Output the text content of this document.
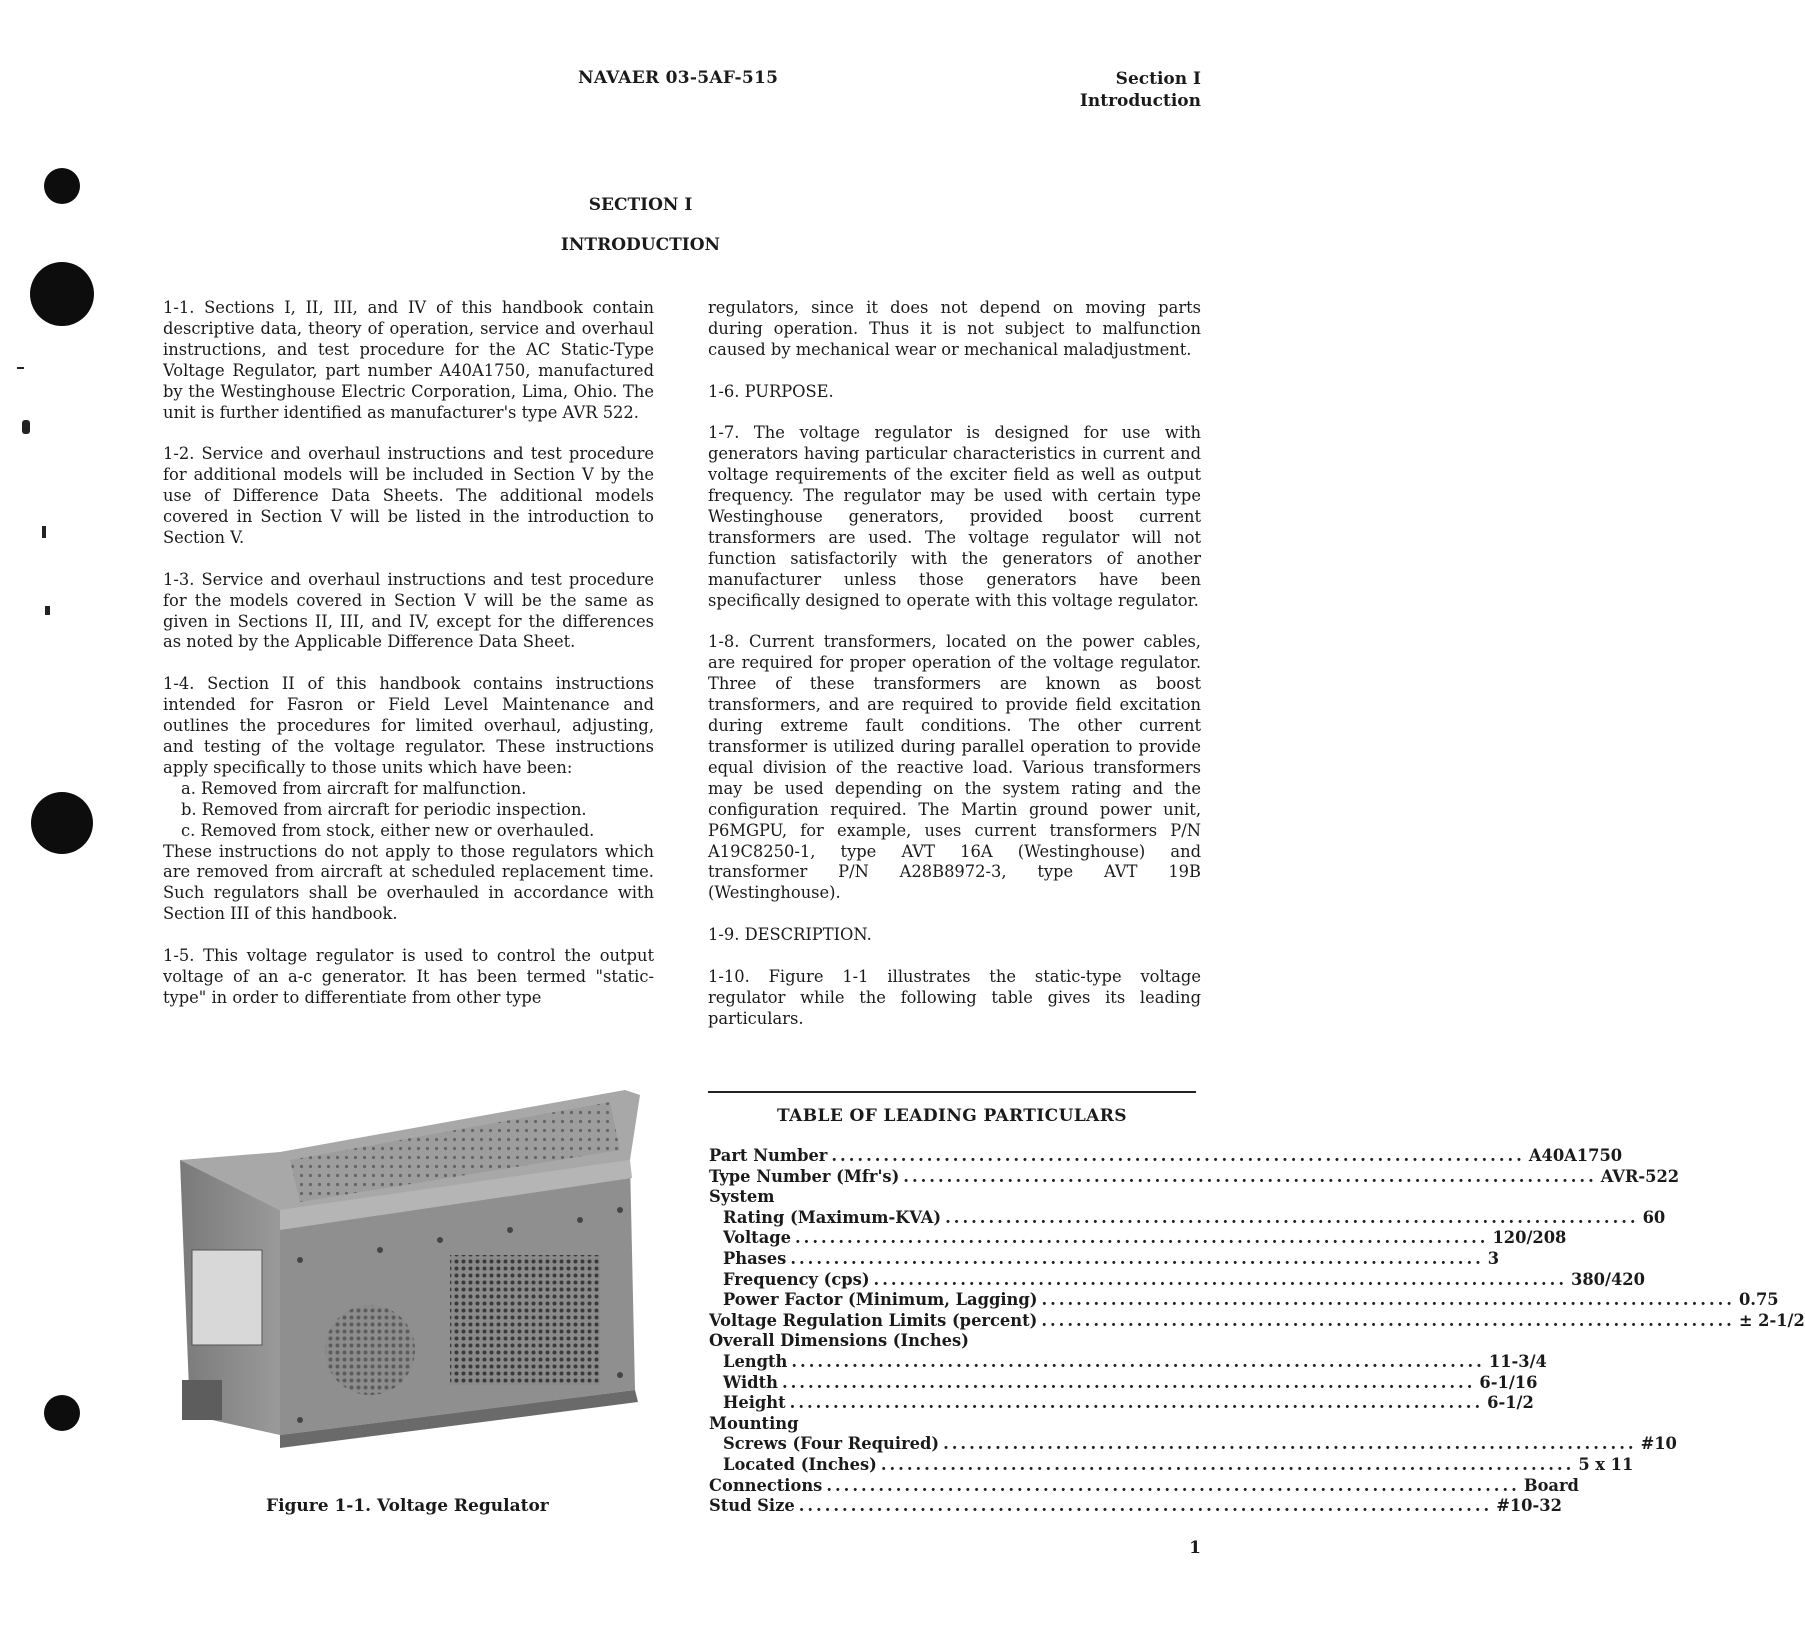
NAVAER 03-5AF-515	Section I
Introduction
SECTION I
INTRODUCTION

1-1. Sections I, II, III, and IV of this handbook contain descriptive data, theory of operation, service and overhaul instructions, and test procedure for the AC Static-Type Voltage Regulator, part number A40A1750, manufactured by the Westinghouse Electric Corporation, Lima, Ohio. The unit is further identified as manufacturer's type AVR 522.

1-2. Service and overhaul instructions and test procedure for additional models will be included in Section V by the use of Difference Data Sheets. The additional models covered in Section V will be listed in the introduction to Section V.

1-3. Service and overhaul instructions and test procedure for the models covered in Section V will be the same as given in Sections II, III, and IV, except for the differences as noted by the Applicable Difference Data Sheet.

1-4. Section II of this handbook contains instructions intended for Fasron or Field Level Maintenance and outlines the procedures for limited overhaul, adjusting, and testing of the voltage regulator. These instructions apply specifically to those units which have been:

a. Removed from aircraft for malfunction.

b. Removed from aircraft for periodic inspection.

c. Removed from stock, either new or overhauled.

These instructions do not apply to those regulators which are removed from aircraft at scheduled replacement time. Such regulators shall be overhauled in accordance with Section III of this handbook.

1-5. This voltage regulator is used to control the output voltage of an a-c generator. It has been termed "static-type" in order to differentiate from other type

regulators, since it does not depend on moving parts during operation. Thus it is not subject to malfunction caused by mechanical wear or mechanical maladjustment.

1-6. PURPOSE.

1-7. The voltage regulator is designed for use with generators having particular characteristics in current and voltage requirements of the exciter field as well as output frequency. The regulator may be used with certain type Westinghouse generators, provided boost current transformers are used. The voltage regulator will not function satisfactorily with the generators of another manufacturer unless those generators have been specifically designed to operate with this voltage regulator.

1-8. Current transformers, located on the power cables, are required for proper operation of the voltage regulator. Three of these transformers are known as boost transformers, and are required to provide field excitation during extreme fault conditions. The other current transformer is utilized during parallel operation to provide equal division of the reactive load. Various transformers may be used depending on the system rating and the configuration required. The Martin ground power unit, P6MGPU, for example, uses current transformers P/N A19C8250-1, type AVT 16A (Westinghouse) and transformer P/N A28B8972-3, type AVT 19B (Westinghouse).

1-9. DESCRIPTION.

1-10. Figure 1-1 illustrates the static-type voltage regulator while the following table gives its leading particulars.

Figure 1-1. Voltage Regulator
TABLE OF LEADING PARTICULARS
Part Number ................................................................................ A40A1750
Type Number (Mfr's) ................................................................................ AVR-522
System
Rating (Maximum-KVA) ................................................................................ 60
Voltage ................................................................................ 120/208
Phases ................................................................................ 3
Frequency (cps) ................................................................................ 380/420
Power Factor (Minimum, Lagging) ................................................................................ 0.75
Voltage Regulation Limits (percent) ................................................................................ ± 2-1/2
Overall Dimensions (Inches)
Length ................................................................................ 11-3/4
Width ................................................................................ 6-1/16
Height ................................................................................ 6-1/2
Mounting
Screws (Four Required) ................................................................................ #10
Located (Inches) ................................................................................ 5 x 11
Connections ................................................................................ Board
Stud Size ................................................................................ #10-32
1
